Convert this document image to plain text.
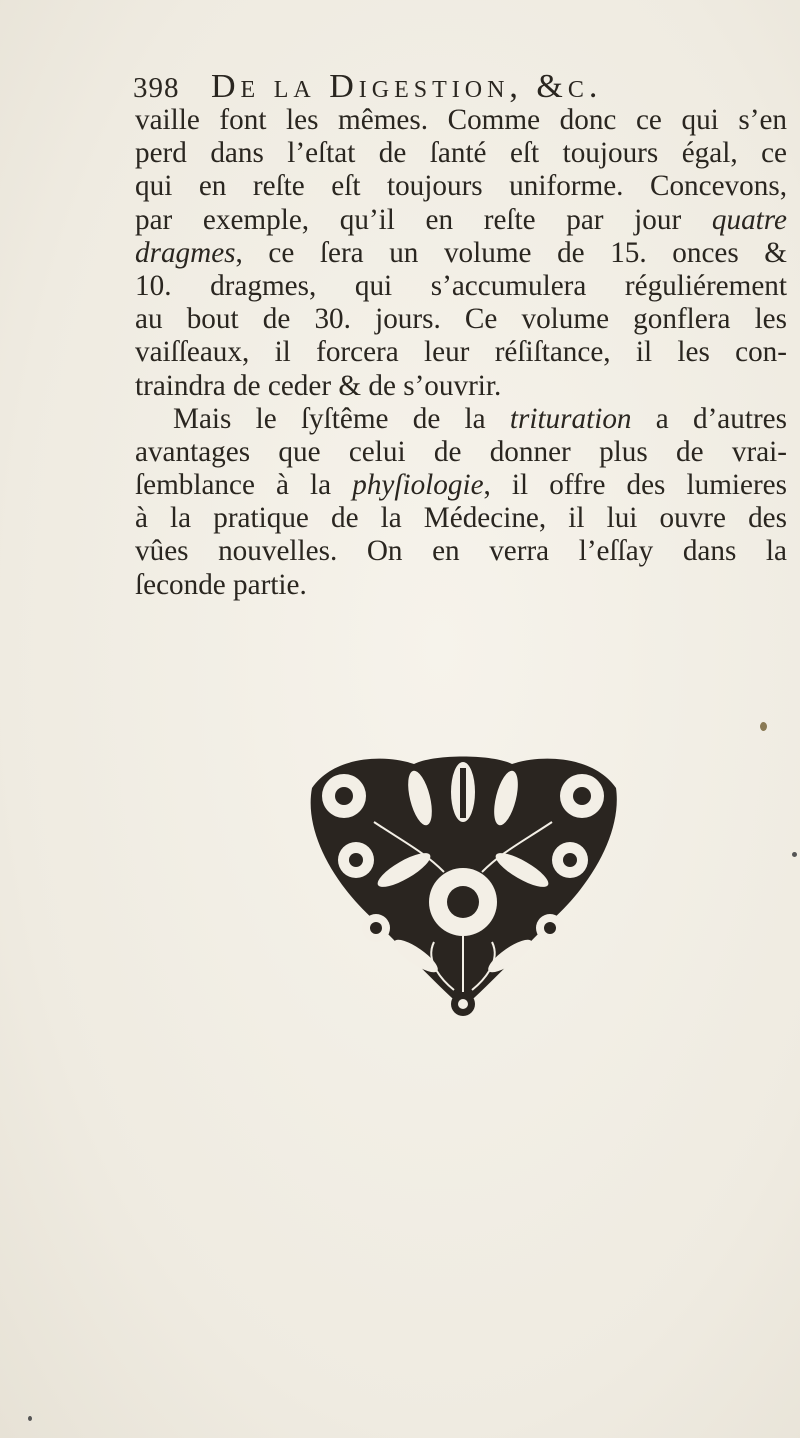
398 De la Digestion, &c.
vaille font les mêmes. Comme donc ce qui s’en
perd dans l’eſtat de ſanté eſt toujours égal, ce
qui en reſte eſt toujours uniforme. Concevons,
par exemple, qu’il en reſte par jour quatre
dragmes, ce ſera un volume de 15. onces &
10. dragmes, qui s’accumulera réguliérement
au bout de 30. jours. Ce volume gonflera les
vaiſſeaux, il forcera leur réſiſtance, il les con-
traindra de ceder & de s’ouvrir.
Mais le ſyſtême de la trituration a d’autres
avantages que celui de donner plus de vrai-
ſemblance à la phyſiologie, il offre des lumieres
à la pratique de la Médecine, il lui ouvre des
vûes nouvelles. On en verra l’eſſay dans la
ſeconde partie.
